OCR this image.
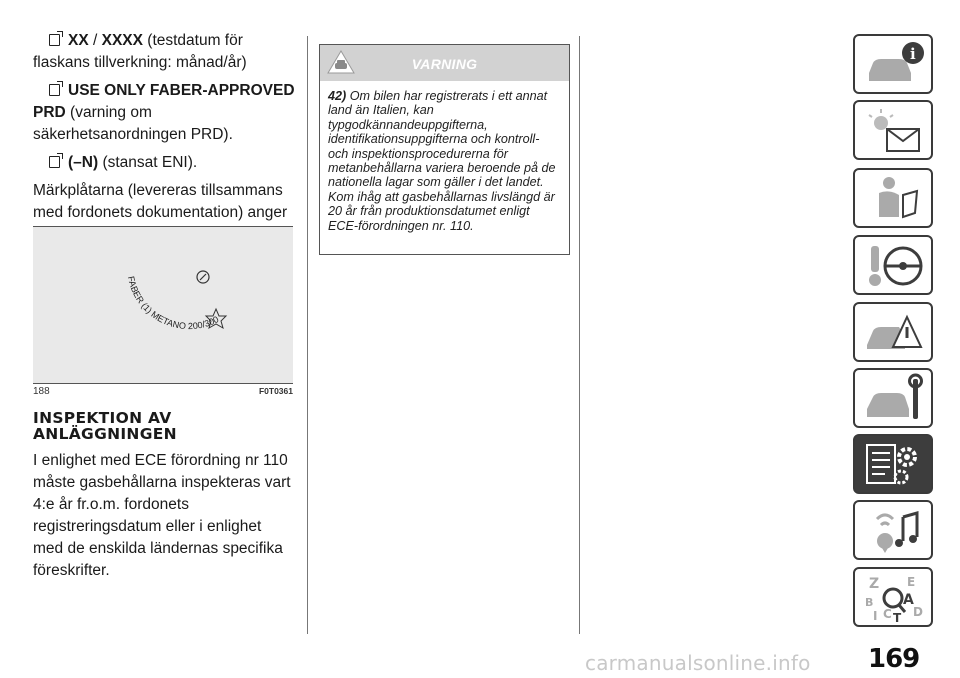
XX / XXXX (testdatum för flaskans tillverkning: månad/år)
USE ONLY FABER-APPROVED PRD (varning om säkerhetsanordningen PRD).
(–N) (stansat ENI).

Märkplåtarna (levereras tillsammans med fordonets dokumentation) anger

FABER (1) METANO 200/300
188	F0T0361
INSPEKTION AV
ANLÄGGNINGEN

I enlighet med ECE förordning nr 110 måste gasbehållarna inspekteras vart 4:e år fr.o.m. fordonets registreringsdatum eller i enlighet med de enskilda ländernas specifika föreskrifter.

VARNING
42) Om bilen har registrerats i ett annat land än Italien, kan typgodkännandeuppgifterna, identifikationsuppgifterna och kontroll- och inspektionsprocedurerna för metanbehållarna variera beroende på de nationella lagar som gäller i det landet. Kom ihåg att gasbehållarnas livslängd är 20 år från produktionsdatumet enligt ECE-förordningen nr. 110.
i
Z E
B
D
I C
A
T
169
carmanualsonline.info
